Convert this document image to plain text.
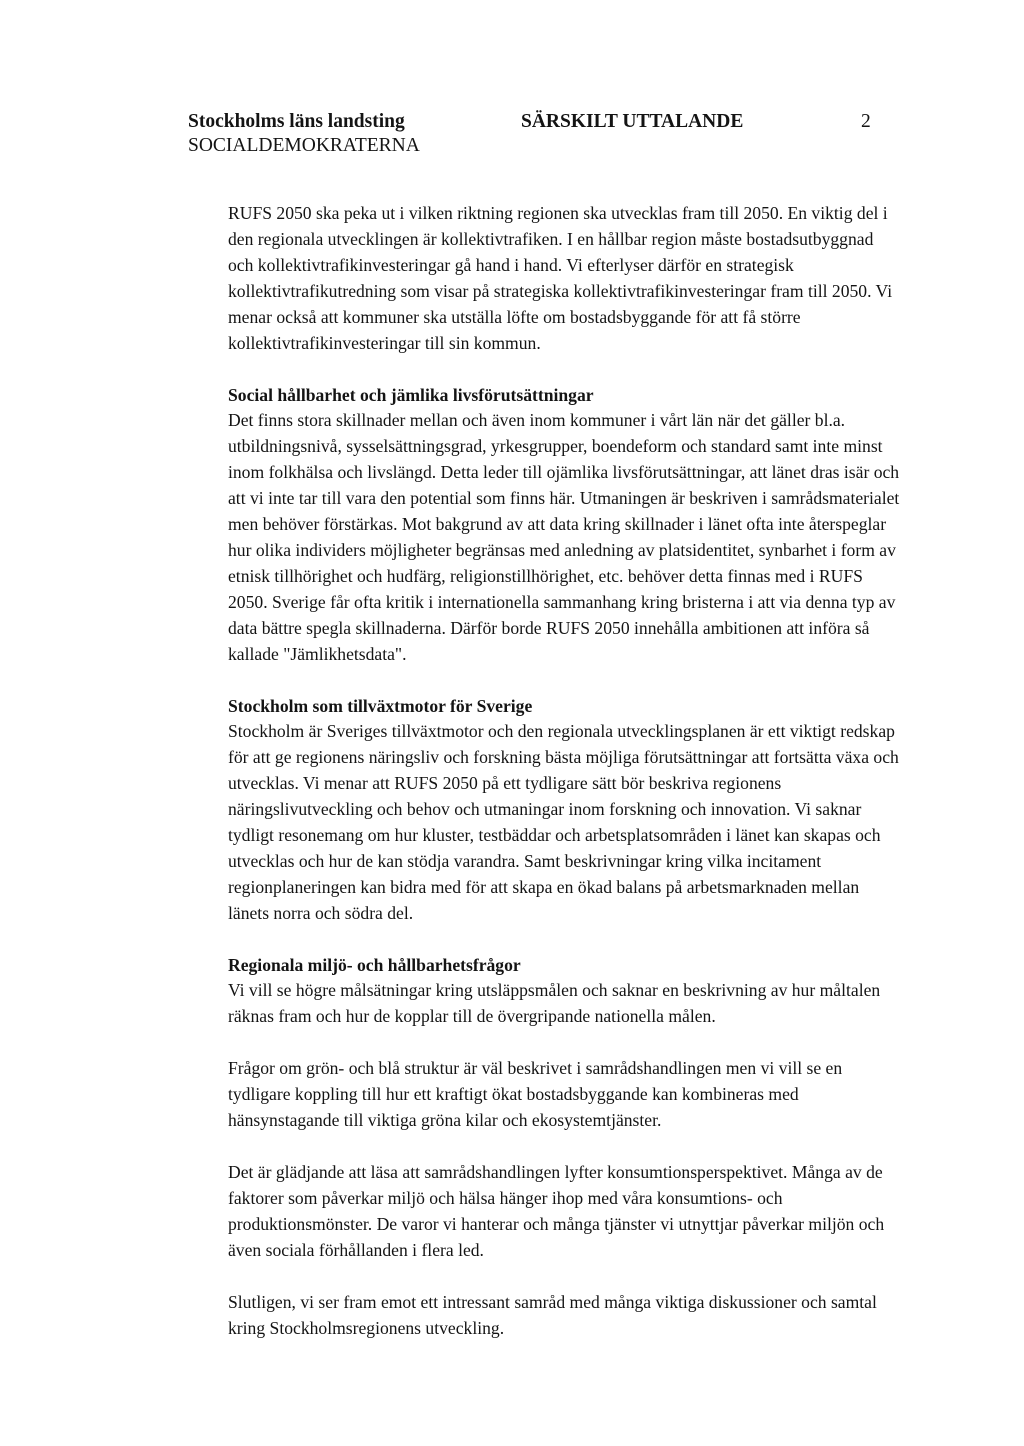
Stockholms läns landsting
SOCIALDEMOKRATERNA
SÄRSKILT UTTALANDE	2

RUFS 2050 ska peka ut i vilken riktning regionen ska utvecklas fram till 2050. En viktig del i den regionala utvecklingen är kollektivtrafiken. I en hållbar region måste bostadsutbyggnad och kollektivtrafikinvesteringar gå hand i hand. Vi efterlyser därför en strategisk kollektivtrafikutredning som visar på strategiska kollektivtrafikinvesteringar fram till 2050. Vi menar också att kommuner ska utställa löfte om bostadsbyggande för att få större kollektivtrafikinvesteringar till sin kommun.

Social hållbarhet och jämlika livsförutsättningar

Det finns stora skillnader mellan och även inom kommuner i vårt län när det gäller bl.a. utbildningsnivå, sysselsättningsgrad, yrkesgrupper, boendeform och standard samt inte minst inom folkhälsa och livslängd. Detta leder till ojämlika livsförutsättningar, att länet dras isär och att vi inte tar till vara den potential som finns här. Utmaningen är beskriven i samrådsmaterialet men behöver förstärkas. Mot bakgrund av att data kring skillnader i länet ofta inte återspeglar hur olika individers möjligheter begränsas med anledning av platsidentitet, synbarhet i form av etnisk tillhörighet och hudfärg, religionstillhörighet, etc. behöver detta finnas med i RUFS 2050. Sverige får ofta kritik i internationella sammanhang kring bristerna i att via denna typ av data bättre spegla skillnaderna. Därför borde RUFS 2050 innehålla ambitionen att införa så kallade "Jämlikhetsdata".

Stockholm som tillväxtmotor för Sverige

Stockholm är Sveriges tillväxtmotor och den regionala utvecklingsplanen är ett viktigt redskap för att ge regionens näringsliv och forskning bästa möjliga förutsättningar att fortsätta växa och utvecklas. Vi menar att RUFS 2050 på ett tydligare sätt bör beskriva regionens näringslivutveckling och behov och utmaningar inom forskning och innovation. Vi saknar tydligt resonemang om hur kluster, testbäddar och arbetsplatsområden i länet kan skapas och utvecklas och hur de kan stödja varandra. Samt beskrivningar kring vilka incitament regionplaneringen kan bidra med för att skapa en ökad balans på arbetsmarknaden mellan länets norra och södra del.

Regionala miljö- och hållbarhetsfrågor

Vi vill se högre målsätningar kring utsläppsmålen och saknar en beskrivning av hur måltalen räknas fram och hur de kopplar till de övergripande nationella målen.

Frågor om grön- och blå struktur är väl beskrivet i samrådshandlingen men vi vill se en tydligare koppling till hur ett kraftigt ökat bostadsbyggande kan kombineras med hänsynstagande till viktiga gröna kilar och ekosystemtjänster.

Det är glädjande att läsa att samrådshandlingen lyfter konsumtionsperspektivet. Många av de faktorer som påverkar miljö och hälsa hänger ihop med våra konsumtions- och produktionsmönster. De varor vi hanterar och många tjänster vi utnyttjar påverkar miljön och även sociala förhållanden i flera led.

Slutligen, vi ser fram emot ett intressant samråd med många viktiga diskussioner och samtal kring Stockholmsregionens utveckling.
